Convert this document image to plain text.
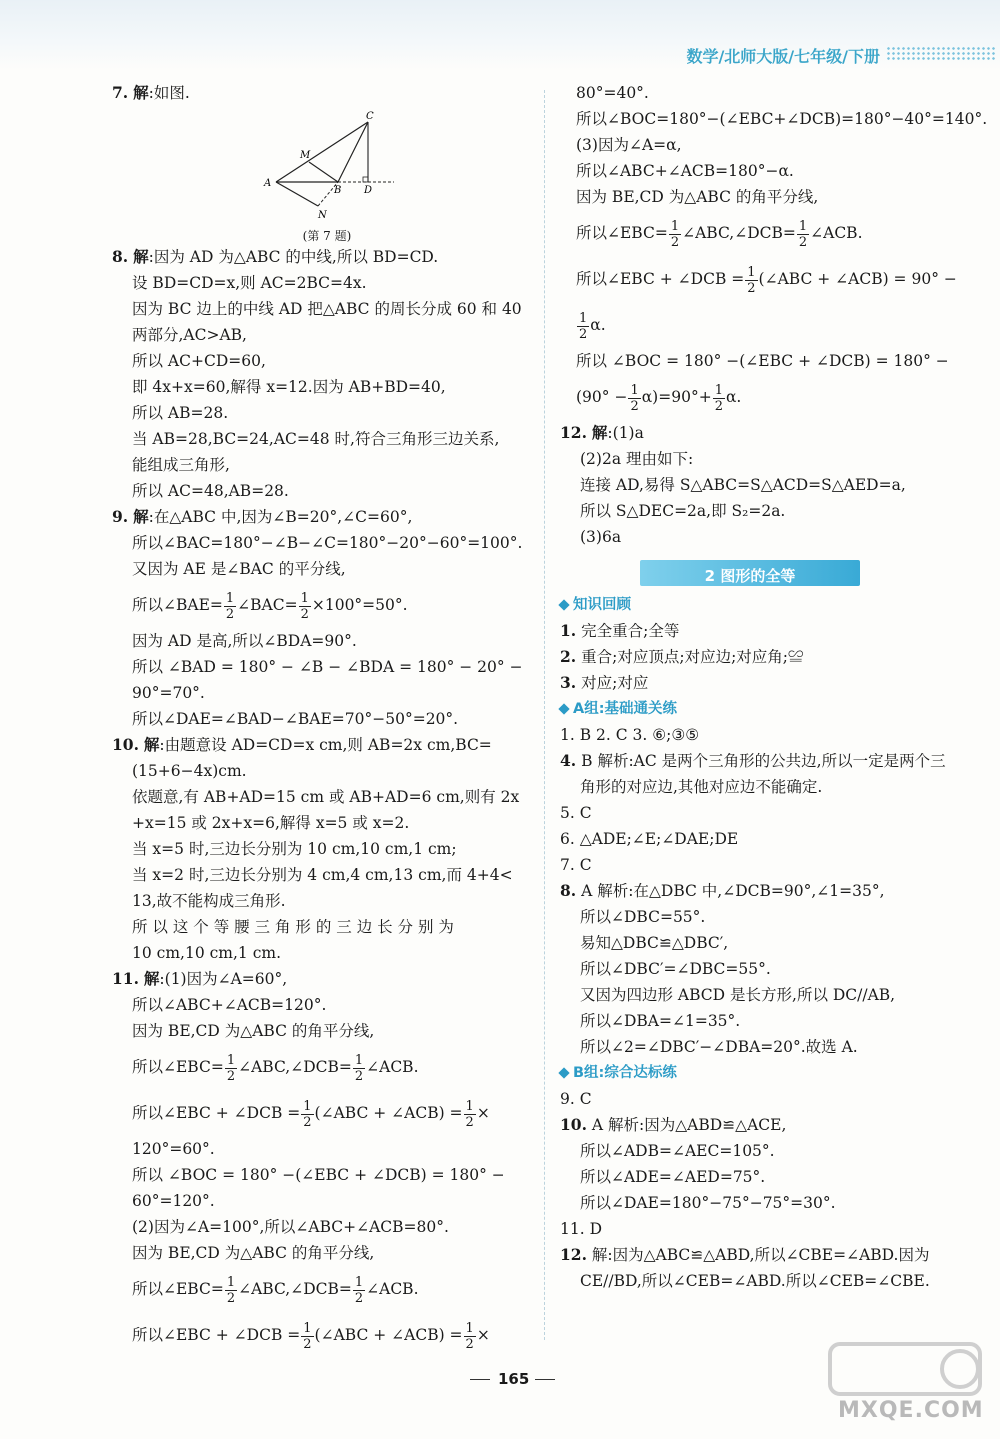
数学/北师大版/七年级/下册
7. 解:如图.
C
M
A
B D
N
(第 7 题)
8. 解:因为 AD 为△ABC 的中线,所以 BD=CD.
设 BD=CD=x,则 AC=2BC=4x.
因为 BC 边上的中线 AD 把△ABC 的周长分成 60 和 40
两部分,AC>AB,
所以 AC+CD=60,
即 4x+x=60,解得 x=12.因为 AB+BD=40,
所以 AB=28.
当 AB=28,BC=24,AC=48 时,符合三角形三边关系,
能组成三角形,
所以 AC=48,AB=28.
9. 解:在△ABC 中,因为∠B=20°,∠C=60°,
所以∠BAC=180°−∠B−∠C=180°−20°−60°=100°.
又因为 AE 是∠BAC 的平分线,
所以∠BAE= $\frac{1}{2}$ ∠BAC= $\frac{1}{2} \times 100^\circ=50^\circ$.
因为 AD 是高,所以∠BDA=90°.
所以 ∠BAD = 180° − ∠B − ∠BDA = 180° − 20° −
90°=70°.
所以∠DAE=∠BAD−∠BAE=70°−50°=20°.
10. 解:由题意设 AD=CD=x cm,则 AB=2x cm,BC=
(15+6−4x)cm.
依题意,有 AB+AD=15 cm 或 AB+AD=6 cm,则有 2x
+x=15 或 2x+x=6,解得 x=5 或 x=2.
当 x=5 时,三边长分别为 10 cm,10 cm,1 cm;
当 x=2 时,三边长分别为 4 cm,4 cm,13 cm,而 4+4<
13,故不能构成三角形.
所 以 这 个 等 腰 三 角 形 的 三 边 长 分 别 为
10 cm,10 cm,1 cm.
11. 解:(1)因为∠A=60°,
所以∠ABC+∠ACB=120°.
因为 BE,CD 为△ABC 的角平分线,
所以∠EBC= $\frac{1}{2}$ ∠ABC,∠DCB= $\frac{1}{2}$ ∠ACB.
所以∠EBC + ∠DCB = $\frac{1}{2}$ (∠ABC + ∠ACB) = $\frac{1}{2}$ ×
120°=60°.
所以 ∠BOC = 180° −(∠EBC + ∠DCB) = 180° −
60°=120°.
(2)因为∠A=100°,所以∠ABC+∠ACB=80°.
因为 BE,CD 为△ABC 的角平分线,
所以∠EBC= $\frac{1}{2}$ ∠ABC,∠DCB= $\frac{1}{2}$ ∠ACB.
所以∠EBC + ∠DCB = $\frac{1}{2}$ (∠ABC + ∠ACB) = $\frac{1}{2}$ ×
80°=40°.
所以∠BOC=180°−(∠EBC+∠DCB)=180°−40°=140°.
(3)因为∠A=α,
所以∠ABC+∠ACB=180°−α.
因为 BE,CD 为△ABC 的角平分线,
所以∠EBC= $\frac{1}{2}$ ∠ABC,∠DCB= $\frac{1}{2}$ ∠ACB.
所以∠EBC + ∠DCB = $\frac{1}{2}$ (∠ABC + ∠ACB) = 90° −
$\frac{1}{2} \alpha$.
所以 ∠BOC = 180° −(∠EBC + ∠DCB) = 180° −
$(90^\circ - \frac{1}{2} \alpha)=90^\circ+ \frac{1}{2} \alpha$.
12. 解:(1)a
(2)2a 理由如下:
连接 AD,易得 S△ABC=S△ACD=S△AED=a,
所以 S△DEC=2a,即 S₂=2a.
(3)6a
2 图形的全等
知识回顾
1. 完全重合;全等
2. 重合;对应顶点;对应边;对应角;≌
3. 对应;对应
A组:基础通关练
1. B 2. C 3. ⑥;③⑤
4. B 解析:AC 是两个三角形的公共边,所以一定是两个三
角形的对应边,其他对应边不能确定.
5. C
6. △ADE;∠E;∠DAE;DE
7. C
8. A 解析:在△DBC 中,∠DCB=90°,∠1=35°,
所以∠DBC=55°.
易知△DBC≌△DBC′,
所以∠DBC′=∠DBC=55°.
又因为四边形 ABCD 是长方形,所以 DC//AB,
所以∠DBA=∠1=35°.
所以∠2=∠DBC′−∠DBA=20°.故选 A.
B组:综合达标练
9. C
10. A 解析:因为△ABD≌△ACE,
所以∠ADB=∠AEC=105°.
所以∠ADE=∠AED=75°.
所以∠DAE=180°−75°−75°=30°.
11. D
12. 解:因为△ABC≌△ABD,所以∠CBE=∠ABD.因为
CE//BD,所以∠CEB=∠ABD.所以∠CEB=∠CBE.
165
MXQE.COM
